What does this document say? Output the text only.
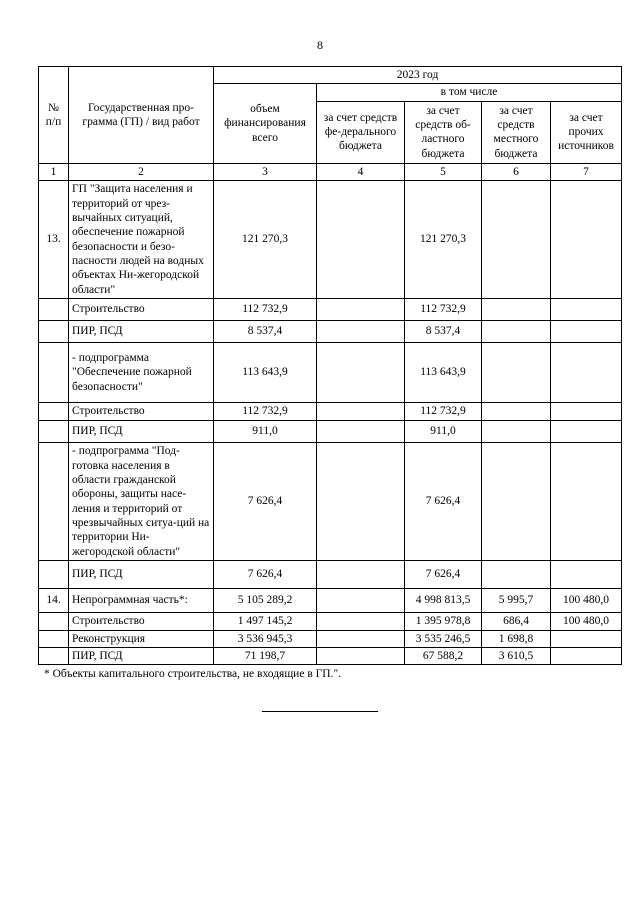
8
№ п/п	Государственная про-грамма (ГП) / вид работ	2023 год				
		объем финансирования всего	в том числе			
			за счет средств фе-дерального бюджета	за счет средств об-ластного бюджета	за счет средств местного бюджета	за счет прочих источников
1	2	3	4	5	6	7
13.	ГП "Защита населения и территорий от чрез-вычайных ситуаций, обеспечение пожарной безопасности и безо-пасности людей на водных объектах Ни-жегородской области"	121 270,3		121 270,3		
	Строительство	112 732,9		112 732,9		
	ПИР, ПСД	8 537,4		8 537,4		
	- подпрограмма "Обеспечение пожарной безопасности"	113 643,9		113 643,9		
	Строительство	112 732,9		112 732,9		
	ПИР, ПСД	911,0		911,0		
	- подпрограмма "Под-готовка населения в области гражданской обороны, защиты насе-ления и территорий от чрезвычайных ситуа-ций на территории Ни-жегородской области"	7 626,4		7 626,4		
	ПИР, ПСД	7 626,4		7 626,4		
14.	Непрограммная часть*:	5 105 289,2		4 998 813,5	5 995,7	100 480,0
	Строительство	1 497 145,2		1 395 978,8	686,4	100 480,0
	Реконструкция	3 536 945,3		3 535 246,5	1 698,8	
	ПИР, ПСД	71 198,7		67 588,2	3 610,5	
* Объекты капитального строительства, не входящие в ГП.".
